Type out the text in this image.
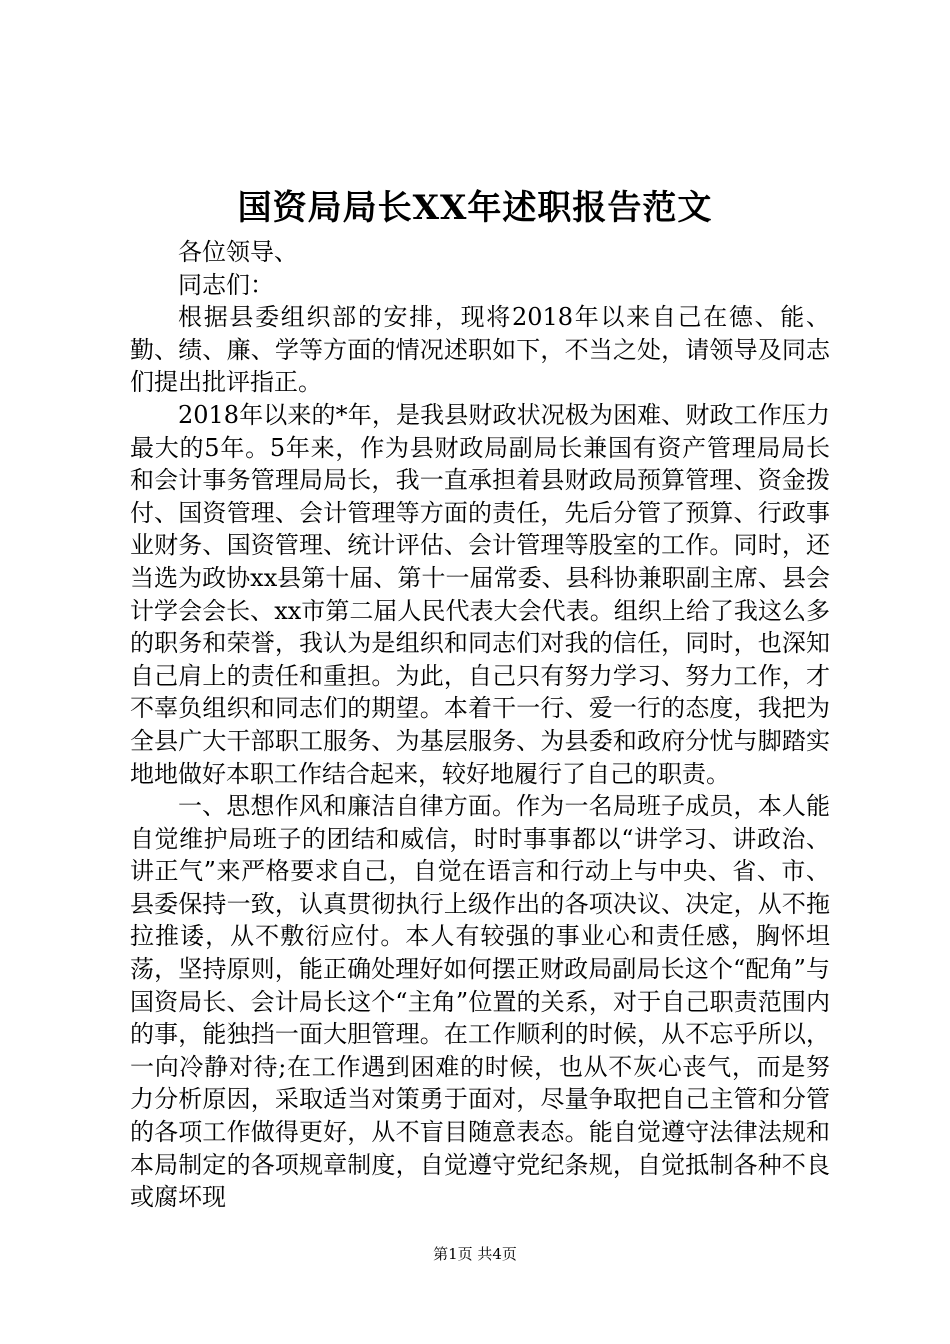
国资局局长XX年述职报告范文

各位领导、

同志们：

根据县委组织部的安排，现将2018年以来自己在德、能、勤、绩、廉、学等方面的情况述职如下，不当之处，请领导及同志们提出批评指正。

2018年以来的*年，是我县财政状况极为困难、财政工作压力最大的5年。5年来，作为县财政局副局长兼国有资产管理局局长和会计事务管理局局长，我一直承担着县财政局预算管理、资金拨付、国资管理、会计管理等方面的责任，先后分管了预算、行政事业财务、国资管理、统计评估、会计管理等股室的工作。同时，还当选为政协xx县第十届、第十一届常委、县科协兼职副主席、县会计学会会长、xx市第二届人民代表大会代表。组织上给了我这么多的职务和荣誉，我认为是组织和同志们对我的信任，同时，也深知自己肩上的责任和重担。为此，自己只有努力学习、努力工作，才不辜负组织和同志们的期望。本着干一行、爱一行的态度，我把为全县广大干部职工服务、为基层服务、为县委和政府分忧与脚踏实地地做好本职工作结合起来，较好地履行了自己的职责。

一、思想作风和廉洁自律方面。作为一名局班子成员，本人能自觉维护局班子的团结和威信，时时事事都以“讲学习、讲政治、讲正气”来严格要求自己，自觉在语言和行动上与中央、省、市、县委保持一致，认真贯彻执行上级作出的各项决议、决定，从不拖拉推诿，从不敷衍应付。本人有较强的事业心和责任感，胸怀坦荡，坚持原则，能正确处理好如何摆正财政局副局长这个“配角”与国资局长、会计局长这个“主角”位置的关系，对于自己职责范围内的事，能独挡一面大胆管理。在工作顺利的时候，从不忘乎所以，一向冷静对待;在工作遇到困难的时候，也从不灰心丧气，而是努力分析原因，采取适当对策勇于面对，尽量争取把自己主管和分管的各项工作做得更好，从不盲目随意表态。能自觉遵守法律法规和本局制定的各项规章制度，自觉遵守党纪条规，自觉抵制各种不良或腐坏现

第1页 共4页
